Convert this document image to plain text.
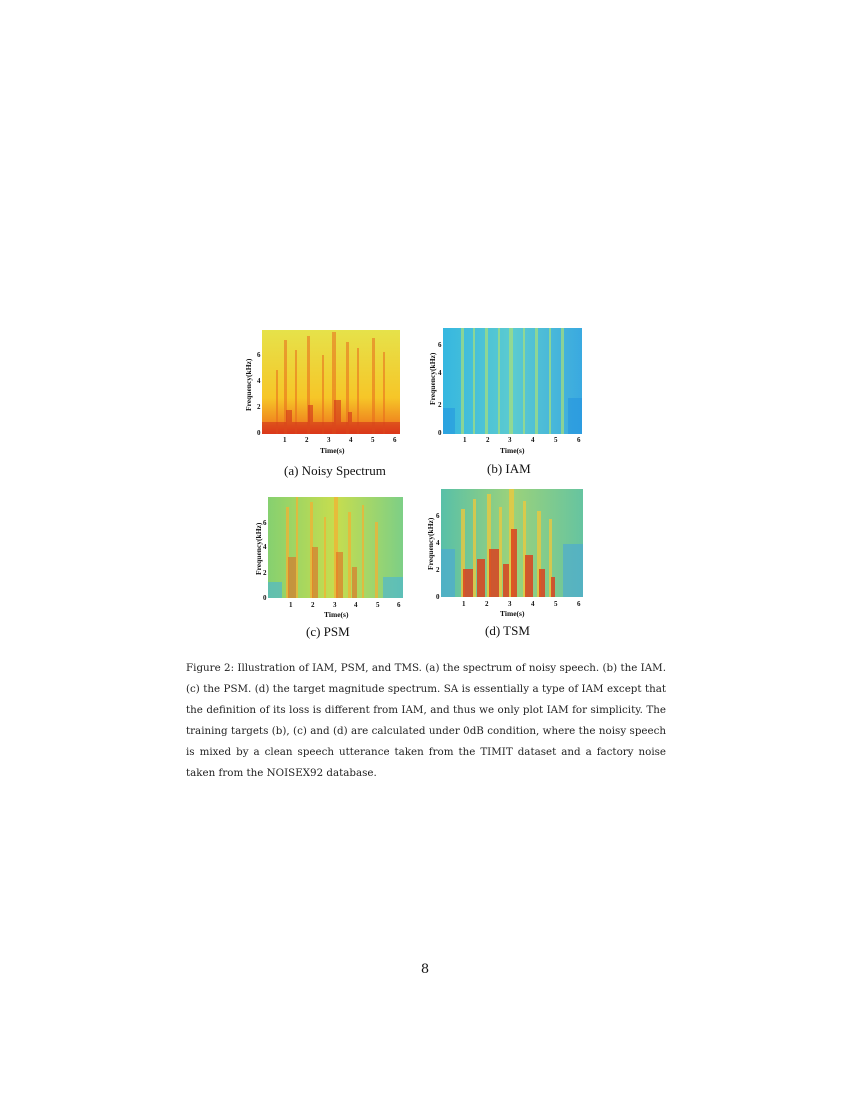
Frequency(kHz)
6
4
2
0
1	2	3	4	5	6
Time(s)
(a) Noisy Spectrum
Frequency(kHz)
6
4
2
0
1	2	3	4	5	6
Time(s)
(b) IAM
Frequency(kHz) 6
4
2
0
1	2	3	4	5	6
Time(s)
(c) PSM
Frequency(kHz)
6
4
2
0
1	2	3	4	5	6
Time(s)
(d) TSM
Figure 2: Illustration of IAM, PSM, and TMS. (a) the spectrum of noisy speech. (b) the IAM. (c) the PSM. (d) the target magnitude spectrum. SA is essentially a type of IAM except that the definition of its loss is different from IAM, and thus we only plot IAM for simplicity. The training targets (b), (c) and (d) are calculated under 0dB condition, where the noisy speech is mixed by a clean speech utterance taken from the TIMIT dataset and a factory noise taken from the NOISEX92 database.
8
